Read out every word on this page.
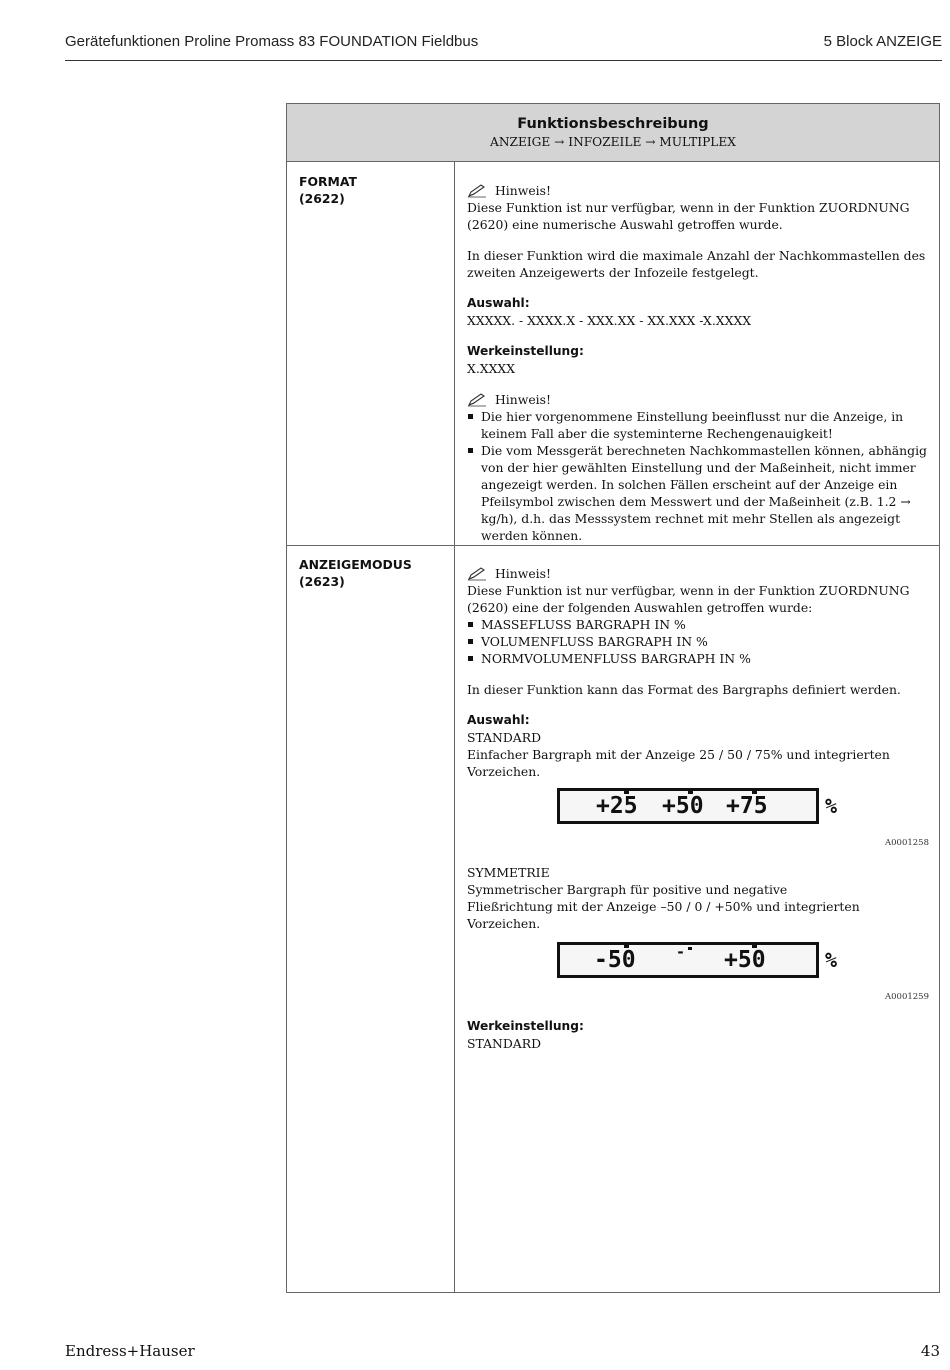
Gerätefunktionen Proline Promass 83 FOUNDATION Fieldbus	5 Block ANZEIGE
Funktionsbeschreibung
ANZEIGE → INFOZEILE → MULTIPLEX
FORMAT
(2622)
Hinweis!

Diese Funktion ist nur verfügbar, wenn in der Funktion ZUORDNUNG (2620) eine numerische Auswahl getroffen wurde.

In dieser Funktion wird die maximale Anzahl der Nachkommastellen des zweiten Anzeigewerts der Infozeile festgelegt.

Auswahl:
XXXXX. - XXXX.X - XXX.XX - XX.XXX -X.XXXX
Werkeinstellung:
X.XXXX
Hinweis!
Die hier vorgenommene Einstellung beeinflusst nur die Anzeige, in keinem Fall aber die systeminterne Rechengenauigkeit!
Die vom Messgerät berechneten Nachkommastellen können, abhängig von der hier gewählten Einstellung und der Maßeinheit, nicht immer angezeigt werden. In solchen Fällen erscheint auf der Anzeige ein Pfeilsymbol zwischen dem Messwert und der Maßeinheit (z.B. 1.2 → kg/h), d.h. das Messsystem rechnet mit mehr Stellen als angezeigt werden können.
ANZEIGEMODUS
(2623)
Hinweis!

Diese Funktion ist nur verfügbar, wenn in der Funktion ZUORDNUNG (2620) eine der folgenden Auswahlen getroffen wurde:

MASSEFLUSS BARGRAPH IN %
VOLUMENFLUSS BARGRAPH IN %
NORMVOLUMENFLUSS BARGRAPH IN %

In dieser Funktion kann das Format des Bargraphs definiert werden.

Auswahl:
STANDARD
Einfacher Bargraph mit der Anzeige 25 / 50 / 75% und integrierten Vorzeichen.
+25 +50 +75	%
A0001258
SYMMETRIE

Symmetrischer Bargraph für positive und negative Fließrichtung mit der Anzeige –50 / 0 / +50% und integrierten Vorzeichen.

-50	- +50	%
A0001259
Werkeinstellung:
STANDARD
Endress+Hauser	43
